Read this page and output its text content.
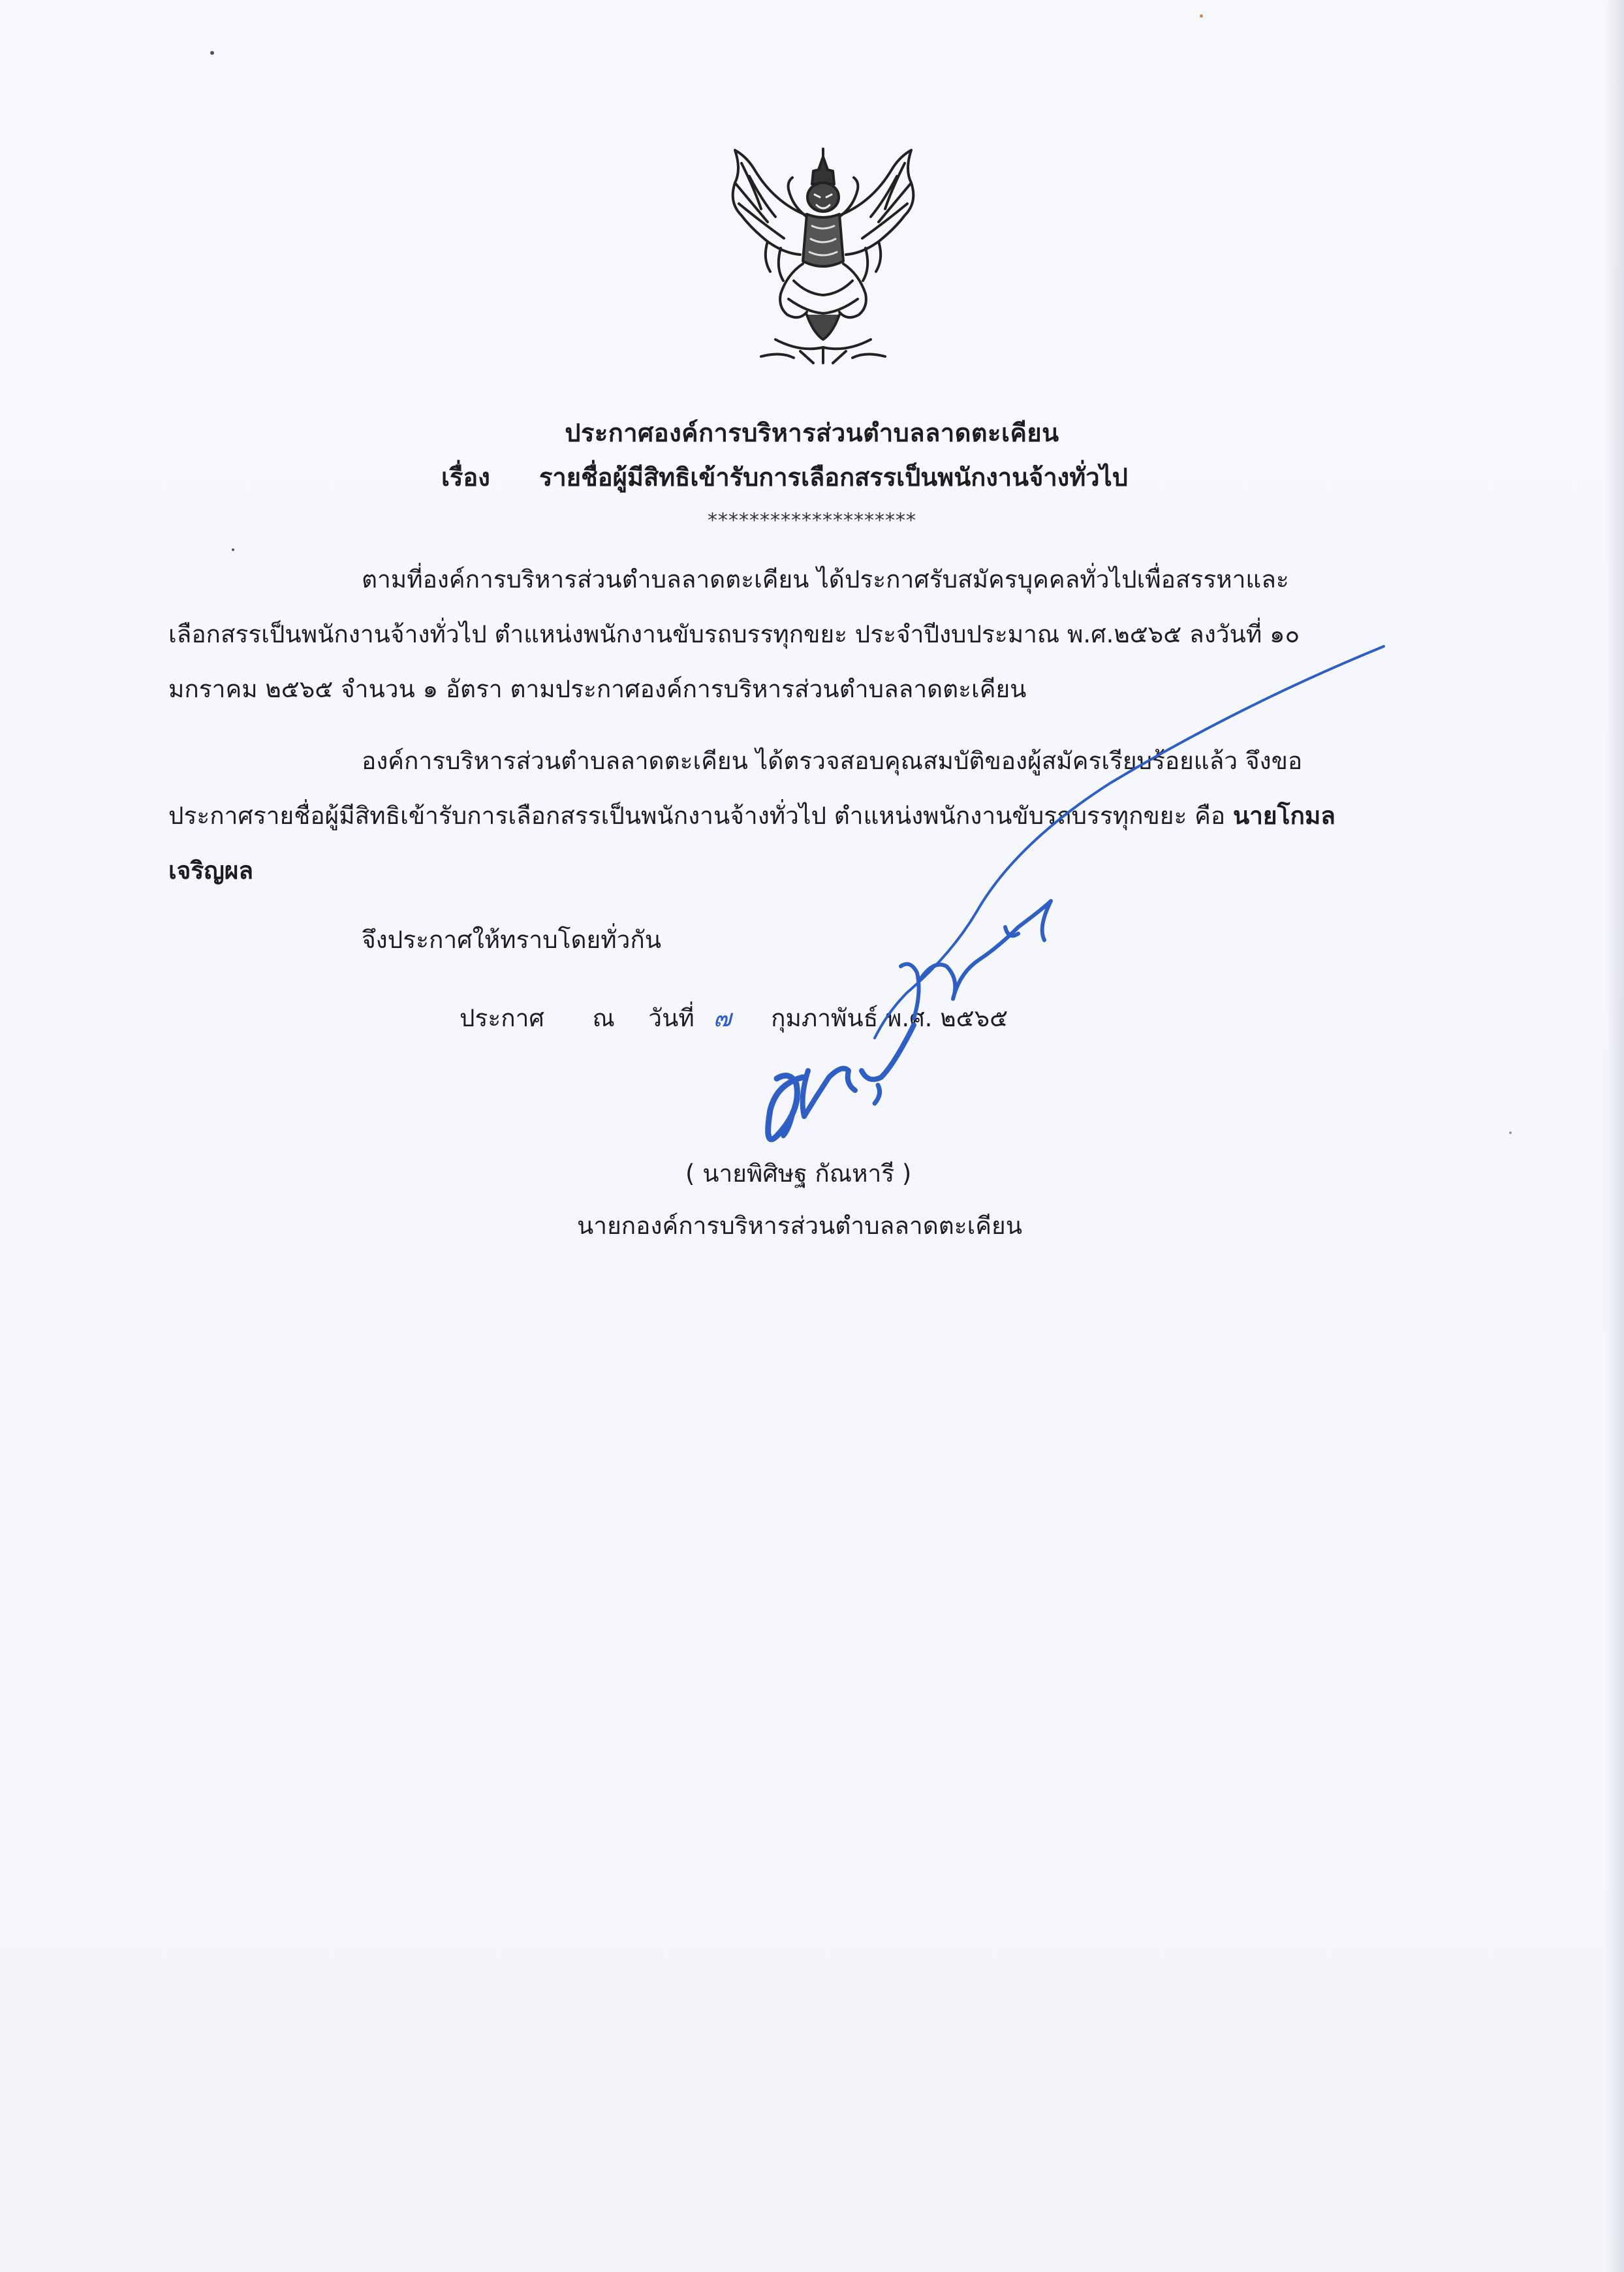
ประกาศองค์การบริหารส่วนตำบลลาดตะเคียน
เรื่อง รายชื่อผู้มีสิทธิเข้ารับการเลือกสรรเป็นพนักงานจ้างทั่วไป
********************
ตามที่องค์การบริหารส่วนตำบลลาดตะเคียน ได้ประกาศรับสมัครบุคคลทั่วไปเพื่อสรรหาและ
เลือกสรรเป็นพนักงานจ้างทั่วไป ตำแหน่งพนักงานขับรถบรรทุกขยะ ประจำปีงบประมาณ พ.ศ.๒๕๖๕ ลงวันที่ ๑๐
มกราคม ๒๕๖๕ จำนวน ๑ อัตรา ตามประกาศองค์การบริหารส่วนตำบลลาดตะเคียน
องค์การบริหารส่วนตำบลลาดตะเคียน ได้ตรวจสอบคุณสมบัติของผู้สมัครเรียบร้อยแล้ว จึงขอ
ประกาศรายชื่อผู้มีสิทธิเข้ารับการเลือกสรรเป็นพนักงานจ้างทั่วไป ตำแหน่งพนักงานขับรถบรรทุกขยะ คือ นายโกมล
เจริญผล
จึงประกาศให้ทราบโดยทั่วกัน
ประกาศ ณ วันที่ ๗ กุมภาพันธ์ พ.ศ. ๒๕๖๕
( นายพิศิษฐ กัณหารี )
นายกองค์การบริหารส่วนตำบลลาดตะเคียน
